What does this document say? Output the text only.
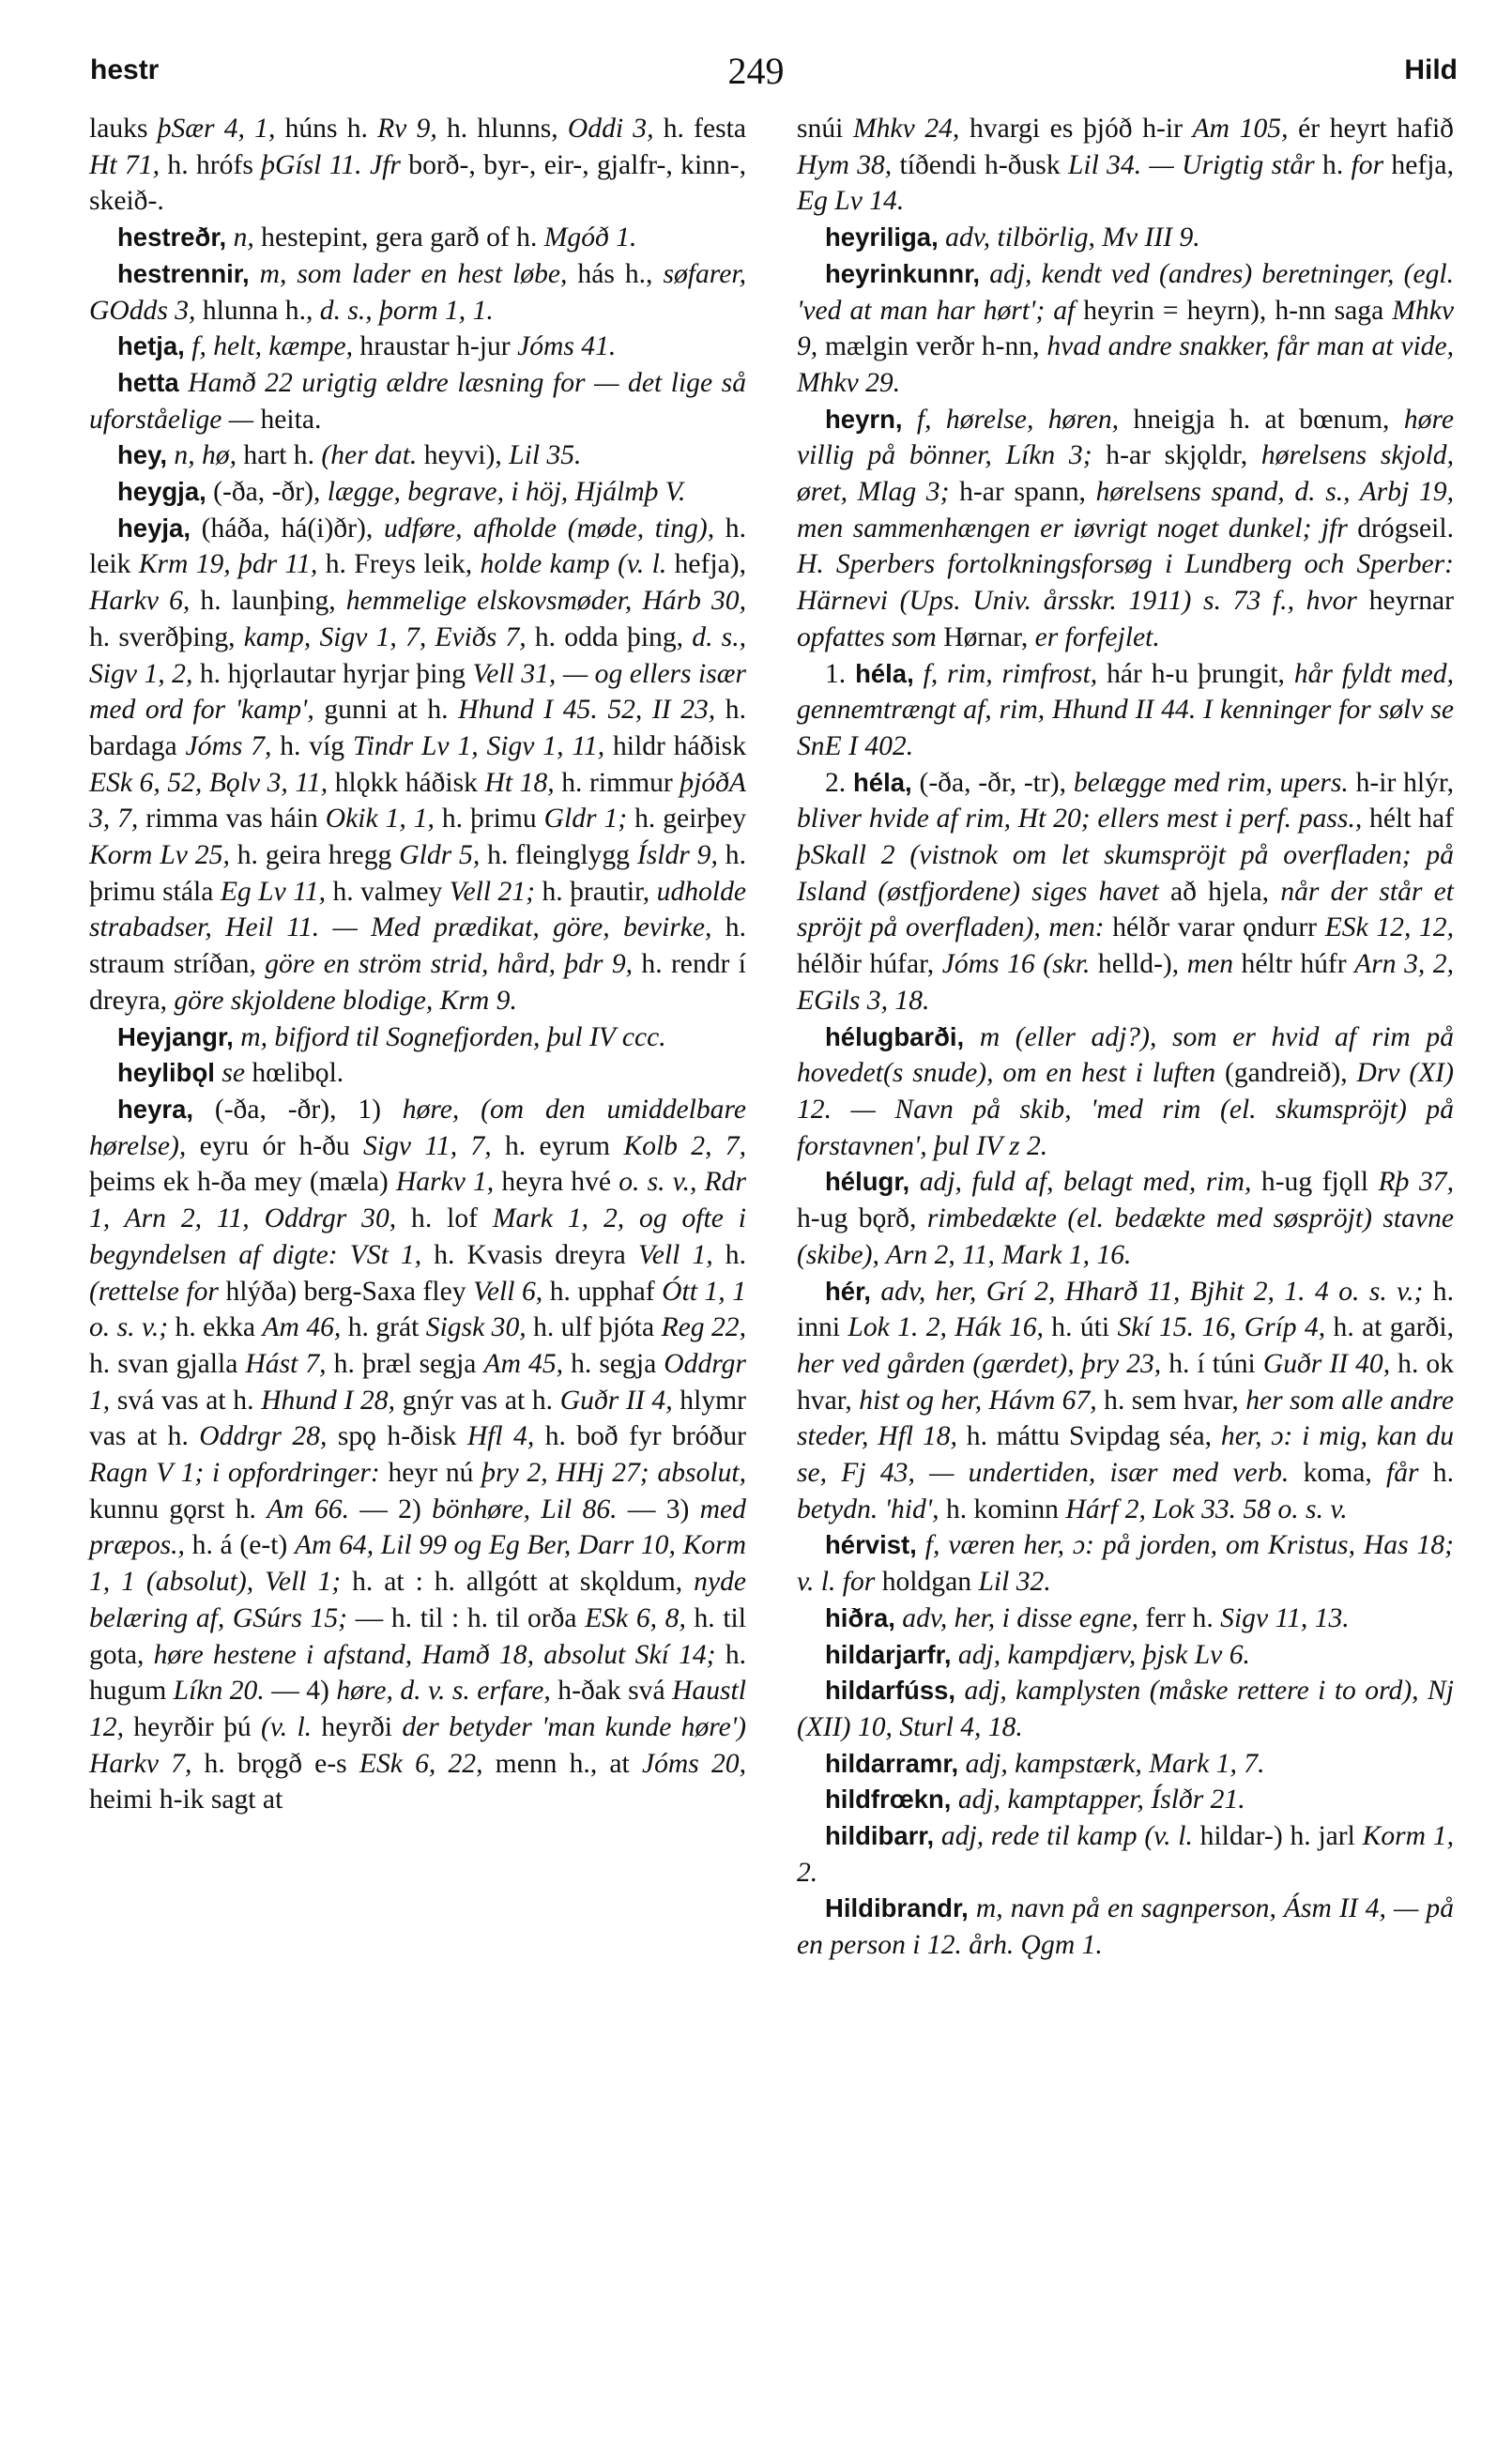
hestr	249	Hild

lauks þSær 4, 1, húns h. Rv 9, h. hlunns, Oddi 3, h. festa Ht 71, h. hrófs þGísl 11. Jfr borð-, byr-, eir-, gjalfr-, kinn-, skeið-.

hestreðr, n, hestepint, gera garð of h. Mgóð 1.

hestrennir, m, som lader en hest løbe, hás h., søfarer, GOdds 3, hlunna h., d. s., þorm 1, 1.

hetja, f, helt, kæmpe, hraustar h-jur Jóms 41.

hetta Hamð 22 urigtig ældre læsning for — det lige så uforståelige — heita.

hey, n, hø, hart h. (her dat. heyvi), Lil 35.

heygja, (-ða, -ðr), lægge, begrave, i höj, Hjálmþ V.

heyja, (háða, há(i)ðr), udføre, afholde (møde, ting), h. leik Krm 19, þdr 11, h. Freys leik, holde kamp (v. l. hefja), Harkv 6, h. launþing, hemmelige elskovsmøder, Hárb 30, h. sverðþing, kamp, Sigv 1, 7, Eviðs 7, h. odda þing, d. s., Sigv 1, 2, h. hjǫrlautar hyrjar þing Vell 31, — og ellers især med ord for 'kamp', gunni at h. Hhund I 45. 52, II 23, h. bardaga Jóms 7, h. víg Tindr Lv 1, Sigv 1, 11, hildr háðisk ESk 6, 52, Bǫlv 3, 11, hlǫkk háðisk Ht 18, h. rimmur þjóðA 3, 7, rimma vas háin Okik 1, 1, h. þrimu Gldr 1; h. geirþey Korm Lv 25, h. geira hregg Gldr 5, h. fleinglygg Ísldr 9, h. þrimu stála Eg Lv 11, h. valmey Vell 21; h. þrautir, udholde strabadser, Heil 11. — Med prædikat, göre, bevirke, h. straum stríðan, göre en ström strid, hård, þdr 9, h. rendr í dreyra, göre skjoldene blodige, Krm 9.

Heyjangr, m, bifjord til Sognefjorden, þul IV ccc.

heylibǫl se hœlibǫl.

heyra, (-ða, -ðr), 1) høre, (om den umiddelbare hørelse), eyru ór h-ðu Sigv 11, 7, h. eyrum Kolb 2, 7, þeims ek h-ða mey (mæla) Harkv 1, heyra hvé o. s. v., Rdr 1, Arn 2, 11, Oddrgr 30, h. lof Mark 1, 2, og ofte i begyndelsen af digte: VSt 1, h. Kvasis dreyra Vell 1, h. (rettelse for hlýða) berg-Saxa fley Vell 6, h. upphaf Ótt 1, 1 o. s. v.; h. ekka Am 46, h. grát Sigsk 30, h. ulf þjóta Reg 22, h. svan gjalla Hást 7, h. þræl segja Am 45, h. segja Oddrgr 1, svá vas at h. Hhund I 28, gnýr vas at h. Guðr II 4, hlymr vas at h. Oddrgr 28, spǫ h-ðisk Hfl 4, h. boð fyr bróður Ragn V 1; i opfordringer: heyr nú þry 2, HHj 27; absolut, kunnu gǫrst h. Am 66. — 2) bönhøre, Lil 86. — 3) med præpos., h. á (e-t) Am 64, Lil 99 og Eg Ber, Darr 10, Korm 1, 1 (absolut), Vell 1; h. at : h. allgótt at skǫldum, nyde belæring af, GSúrs 15; — h. til : h. til orða ESk 6, 8, h. til gota, høre hestene i afstand, Hamð 18, absolut Skí 14; h. hugum Líkn 20. — 4) høre, d. v. s. erfare, h-ðak svá Haustl 12, heyrðir þú (v. l. heyrði der betyder 'man kunde høre') Harkv 7, h. brǫgð e-s ESk 6, 22, menn h., at Jóms 20, heimi h-ik sagt at

snúi Mhkv 24, hvargi es þjóð h-ir Am 105, ér heyrt hafið Hym 38, tíðendi h-ðusk Lil 34. — Urigtig står h. for hefja, Eg Lv 14.

heyriliga, adv, tilbörlig, Mv III 9.

heyrinkunnr, adj, kendt ved (andres) beretninger, (egl. 'ved at man har hørt'; af heyrin = heyrn), h-nn saga Mhkv 9, mælgin verðr h-nn, hvad andre snakker, får man at vide, Mhkv 29.

heyrn, f, hørelse, høren, hneigja h. at bœnum, høre villig på bönner, Líkn 3; h-ar skjǫldr, hørelsens skjold, øret, Mlag 3; h-ar spann, hørelsens spand, d. s., Arbj 19, men sammenhængen er iøvrigt noget dunkel; jfr drógseil. H. Sperbers fortolkningsforsøg i Lundberg och Sperber: Härnevi (Ups. Univ. årsskr. 1911) s. 73 f., hvor heyrnar opfattes som Hørnar, er forfejlet.

1. héla, f, rim, rimfrost, hár h-u þrungit, hår fyldt med, gennemtrængt af, rim, Hhund II 44. I kenninger for sølv se SnE I 402.

2. héla, (-ða, -ðr, -tr), belægge med rim, upers. h-ir hlýr, bliver hvide af rim, Ht 20; ellers mest i perf. pass., hélt haf þSkall 2 (vistnok om let skumspröjt på overfladen; på Island (østfjordene) siges havet að hjela, når der står et spröjt på overfladen), men: hélðr varar ǫndurr ESk 12, 12, hélðir húfar, Jóms 16 (skr. helld-), men héltr húfr Arn 3, 2, EGils 3, 18.

hélugbarði, m (eller adj?), som er hvid af rim på hovedet(s snude), om en hest i luften (gandreið), Drv (XI) 12. — Navn på skib, 'med rim (el. skumspröjt) på forstavnen', þul IV z 2.

hélugr, adj, fuld af, belagt med, rim, h-ug fjǫll Rþ 37, h-ug bǫrð, rimbedækte (el. bedækte med søspröjt) stavne (skibe), Arn 2, 11, Mark 1, 16.

hér, adv, her, Grí 2, Hharð 11, Bjhit 2, 1. 4 o. s. v.; h. inni Lok 1. 2, Hák 16, h. úti Skí 15. 16, Gríp 4, h. at garði, her ved gården (gærdet), þry 23, h. í túni Guðr II 40, h. ok hvar, hist og her, Hávm 67, h. sem hvar, her som alle andre steder, Hfl 18, h. máttu Svipdag séa, her, ɔ: i mig, kan du se, Fj 43, — undertiden, især med verb. koma, får h. betydn. 'hid', h. kominn Hárf 2, Lok 33. 58 o. s. v.

hérvist, f, væren her, ɔ: på jorden, om Kristus, Has 18; v. l. for holdgan Lil 32.

hiðra, adv, her, i disse egne, ferr h. Sigv 11, 13.

hildarjarfr, adj, kampdjærv, þjsk Lv 6.

hildarfúss, adj, kamplysten (måske rettere i to ord), Nj (XII) 10, Sturl 4, 18.

hildarramr, adj, kampstærk, Mark 1, 7.

hildfrœkn, adj, kamptapper, Íslðr 21.

hildibarr, adj, rede til kamp (v. l. hildar-) h. jarl Korm 1, 2.

Hildibrandr, m, navn på en sagnperson, Ásm II 4, — på en person i 12. årh. Ǫgm 1.
